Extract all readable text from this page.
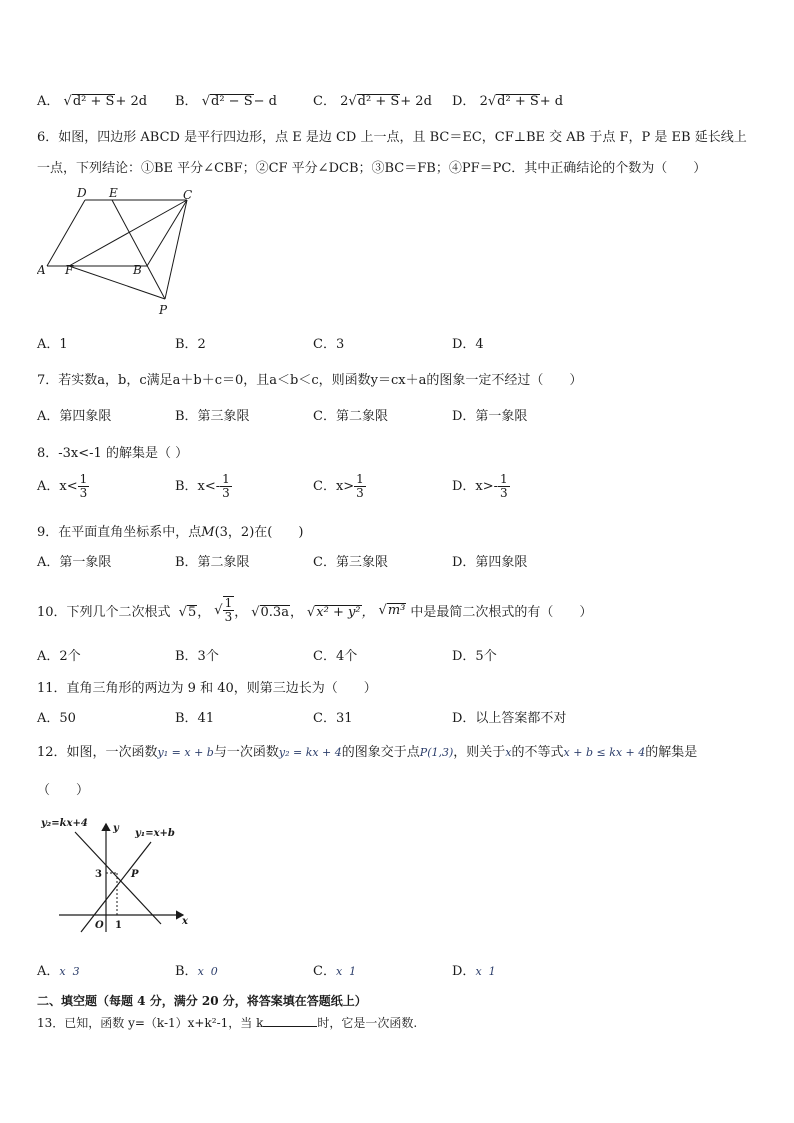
A． √d² + S+ 2d B． √d² − S− d	C． 2√d² + S+ 2d D． 2√d² + S+ d
6．如图，四边形 ABCD 是平行四边形，点 E 是边 CD 上一点，且 BC＝EC，CF⊥BE 交 AB 于点 F，P 是 EB 延长线上
一点，下列结论：①BE 平分∠CBF；②CF 平分∠DCB；③BC＝FB；④PF＝PC．其中正确结论的个数为（　　）
D E	C
A F	B
P
A．1	B．2	C．3	D．4
7．若实数a，b，c满足a＋b＋c＝0，且a＜b＜c，则函数y＝cx＋a的图象一定不经过（　　）
A．第四象限	B．第三象限	C．第二象限	D．第一象限
8．-3x<-1 的解集是（ ）
A．$x< \frac{1}{3}$	B．$x<- \frac{1}{3}$	C．$x> \frac{1}{3}$	D．$x>- \frac{1}{3}$
9．在平面直角坐标系中，点M(3，2)在(　　)
A．第一象限	B．第二象限	C．第三象限	D．第四象限
10．下列几个二次根式 √5， √ $\frac{1}{3}$ ， √0.3a， √x² + y²， √m³ 中是最简二次根式的有（　　）
A．2个	B．3个	C．4个	D．5个
11．直角三角形的两边为 9 和 40，则第三边长为（　　）
A．50	B．41	C．31	D．以上答案都不对
12．如图，一次函数y₁ = x + b与一次函数y₂ = kx + 4的图象交于点P(1,3)，则关于x的不等式x + b ≤ kx + 4的解集是
（　　）
y₂=kx+4	y y₁=x+b
3	P
O 1	x
A．x  3	B．x  0	C．x  1	D．x  1
二、填空题（每题 4 分，满分 20 分，将答案填在答题纸上）
13．已知，函数 y=（k-1）x+k²-1，当 k	时，它是一次函数.
